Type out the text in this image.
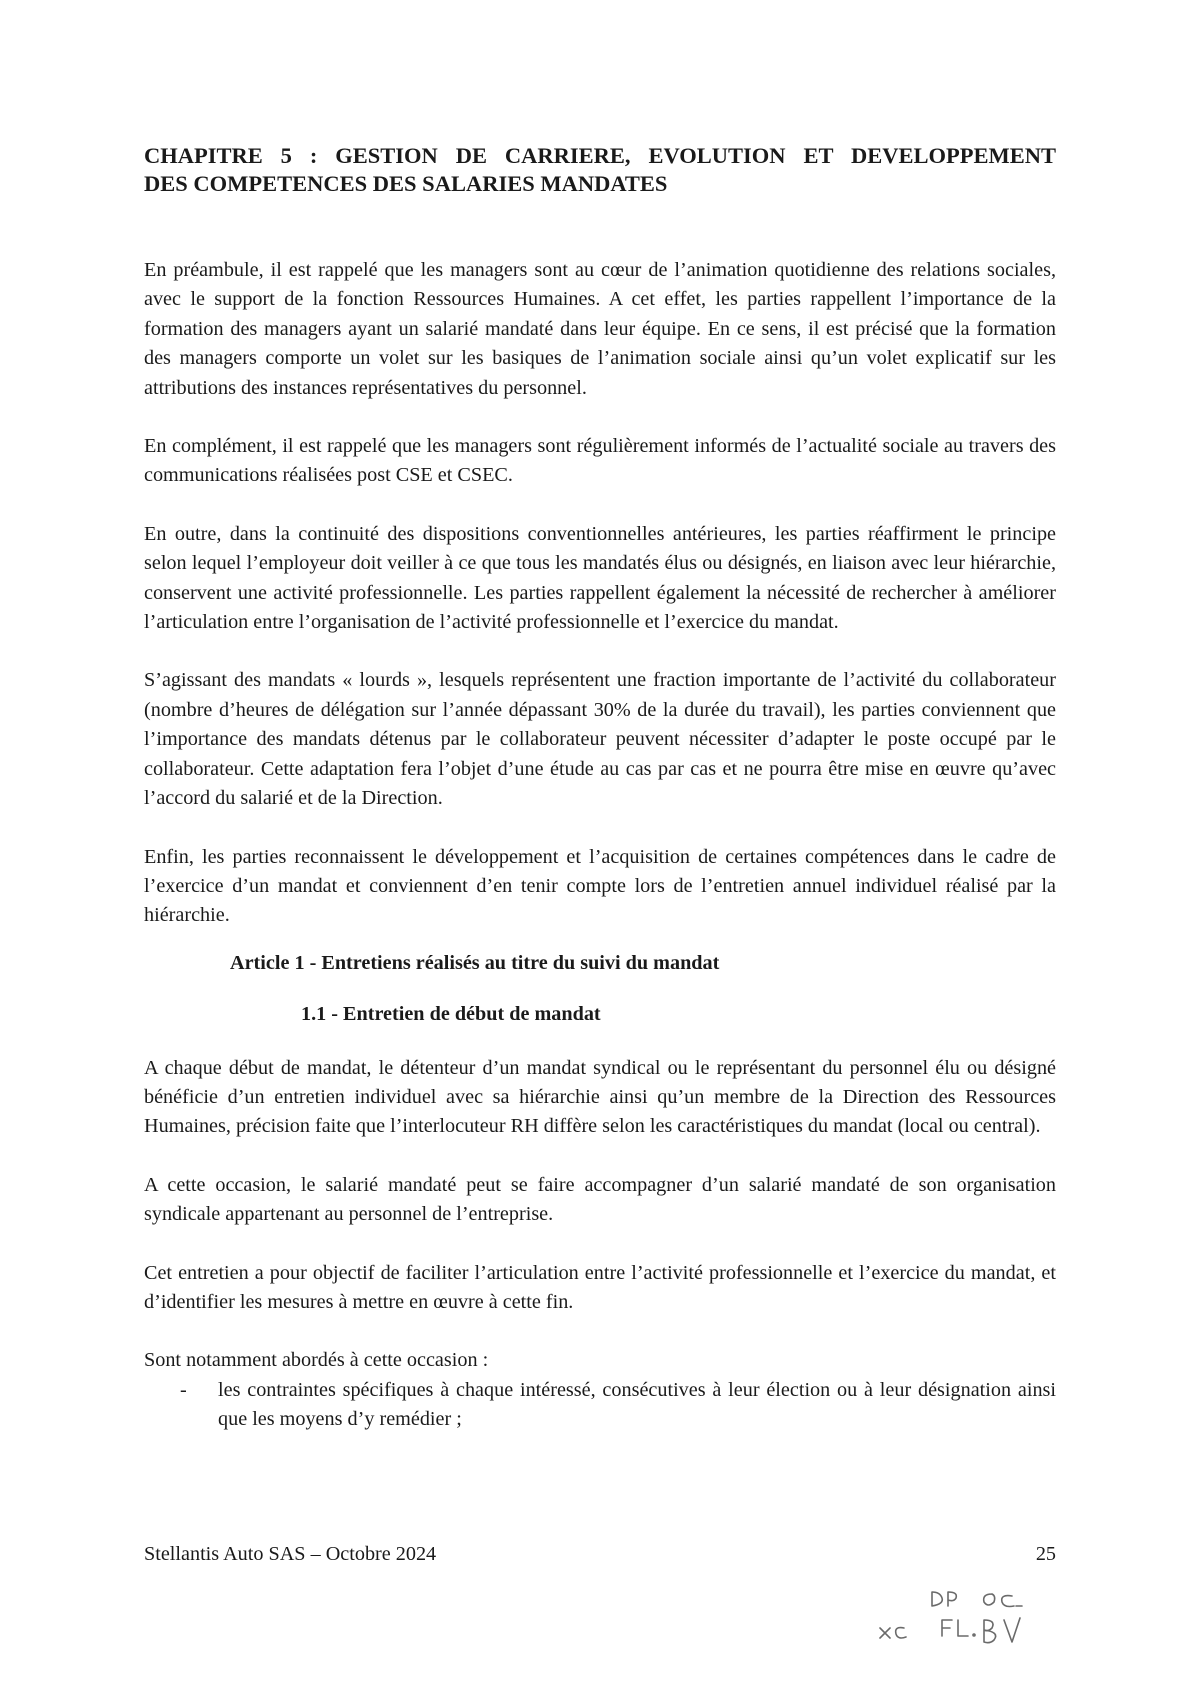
CHAPITRE 5 : GESTION DE CARRIERE, EVOLUTION ET DEVELOPPEMENT
DES COMPETENCES DES SALARIES MANDATES

En préambule, il est rappelé que les managers sont au cœur de l’animation quotidienne des relations sociales, avec le support de la fonction Ressources Humaines. A cet effet, les parties rappellent l’importance de la formation des managers ayant un salarié mandaté dans leur équipe. En ce sens, il est précisé que la formation des managers comporte un volet sur les basiques de l’animation sociale ainsi qu’un volet explicatif sur les attributions des instances représentatives du personnel.

En complément, il est rappelé que les managers sont régulièrement informés de l’actualité sociale au travers des communications réalisées post CSE et CSEC.

En outre, dans la continuité des dispositions conventionnelles antérieures, les parties réaffirment le principe selon lequel l’employeur doit veiller à ce que tous les mandatés élus ou désignés, en liaison avec leur hiérarchie, conservent une activité professionnelle. Les parties rappellent également la nécessité de rechercher à améliorer l’articulation entre l’organisation de l’activité professionnelle et l’exercice du mandat.

S’agissant des mandats « lourds », lesquels représentent une fraction importante de l’activité du collaborateur (nombre d’heures de délégation sur l’année dépassant 30% de la durée du travail), les parties conviennent que l’importance des mandats détenus par le collaborateur peuvent nécessiter d’adapter le poste occupé par le collaborateur. Cette adaptation fera l’objet d’une étude au cas par cas et ne pourra être mise en œuvre qu’avec l’accord du salarié et de la Direction.

Enfin, les parties reconnaissent le développement et l’acquisition de certaines compétences dans le cadre de l’exercice d’un mandat et conviennent d’en tenir compte lors de l’entretien annuel individuel réalisé par la hiérarchie.

Article 1 - Entretiens réalisés au titre du suivi du mandat

1.1 - Entretien de début de mandat

A chaque début de mandat, le détenteur d’un mandat syndical ou le représentant du personnel élu ou désigné bénéficie d’un entretien individuel avec sa hiérarchie ainsi qu’un membre de la Direction des Ressources Humaines, précision faite que l’interlocuteur RH diffère selon les caractéristiques du mandat (local ou central).

A cette occasion, le salarié mandaté peut se faire accompagner d’un salarié mandaté de son organisation syndicale appartenant au personnel de l’entreprise.

Cet entretien a pour objectif de faciliter l’articulation entre l’activité professionnelle et l’exercice du mandat, et d’identifier les mesures à mettre en œuvre à cette fin.

Sont notamment abordés à cette occasion :

- les contraintes spécifiques à chaque intéressé, consécutives à leur élection ou à leur désignation ainsi que les moyens d’y remédier ;
Stellantis Auto SAS – Octobre 2024	25
